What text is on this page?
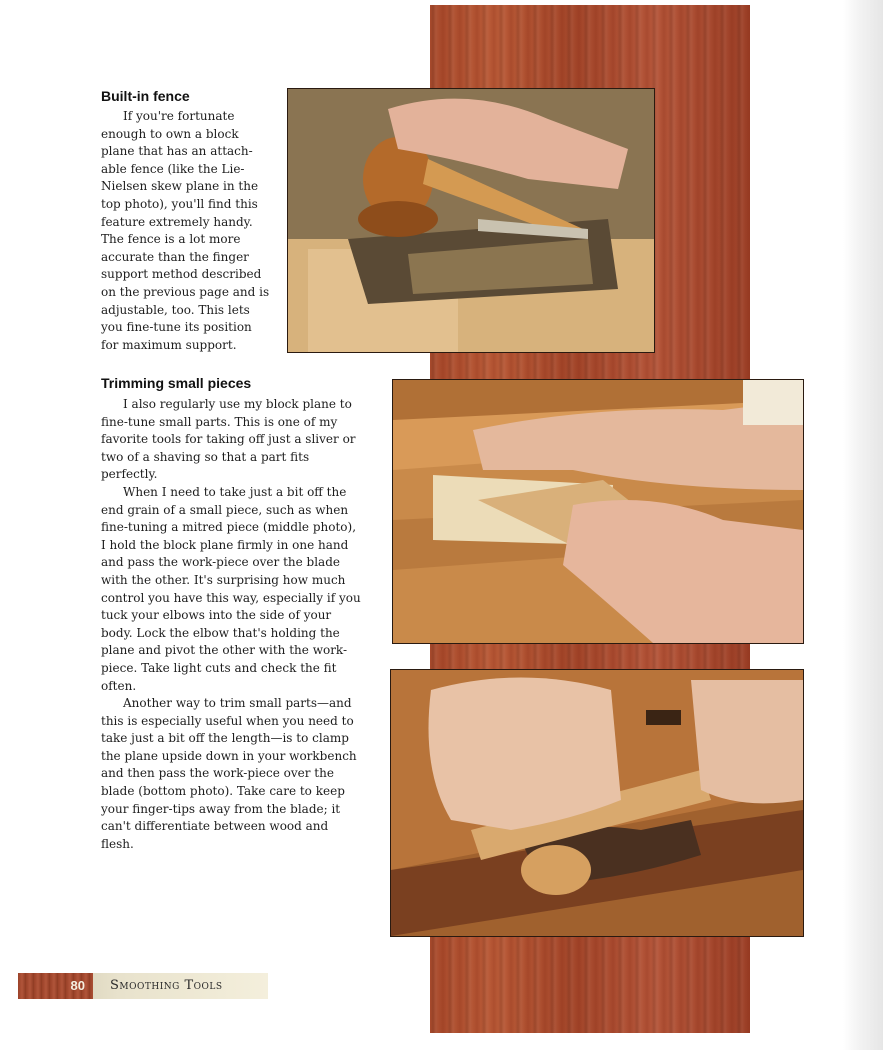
Built-in fence

If you're fortunate enough to own a block plane that has an attach-able fence (like the Lie-Nielsen skew plane in the top photo), you'll find this feature extremely handy. The fence is a lot more accurate than the finger support method described on the previous page and is adjustable, too. This lets you fine-tune its position for maximum support.

Trimming small pieces

I also regularly use my block plane to fine-tune small parts. This is one of my favorite tools for taking off just a sliver or two of a shaving so that a part fits perfectly.

When I need to take just a bit off the end grain of a small piece, such as when fine-tuning a mitred piece (middle photo), I hold the block plane firmly in one hand and pass the work-piece over the blade with the other. It's surprising how much control you have this way, especially if you tuck your elbows into the side of your body. Lock the elbow that's holding the plane and pivot the other with the work-piece. Take light cuts and check the fit often.

Another way to trim small parts—and this is especially useful when you need to take just a bit off the length—is to clamp the plane upside down in your workbench and then pass the work-piece over the blade (bottom photo). Take care to keep your finger-tips away from the blade; it can't differentiate between wood and flesh.

80 Smoothing Tools
